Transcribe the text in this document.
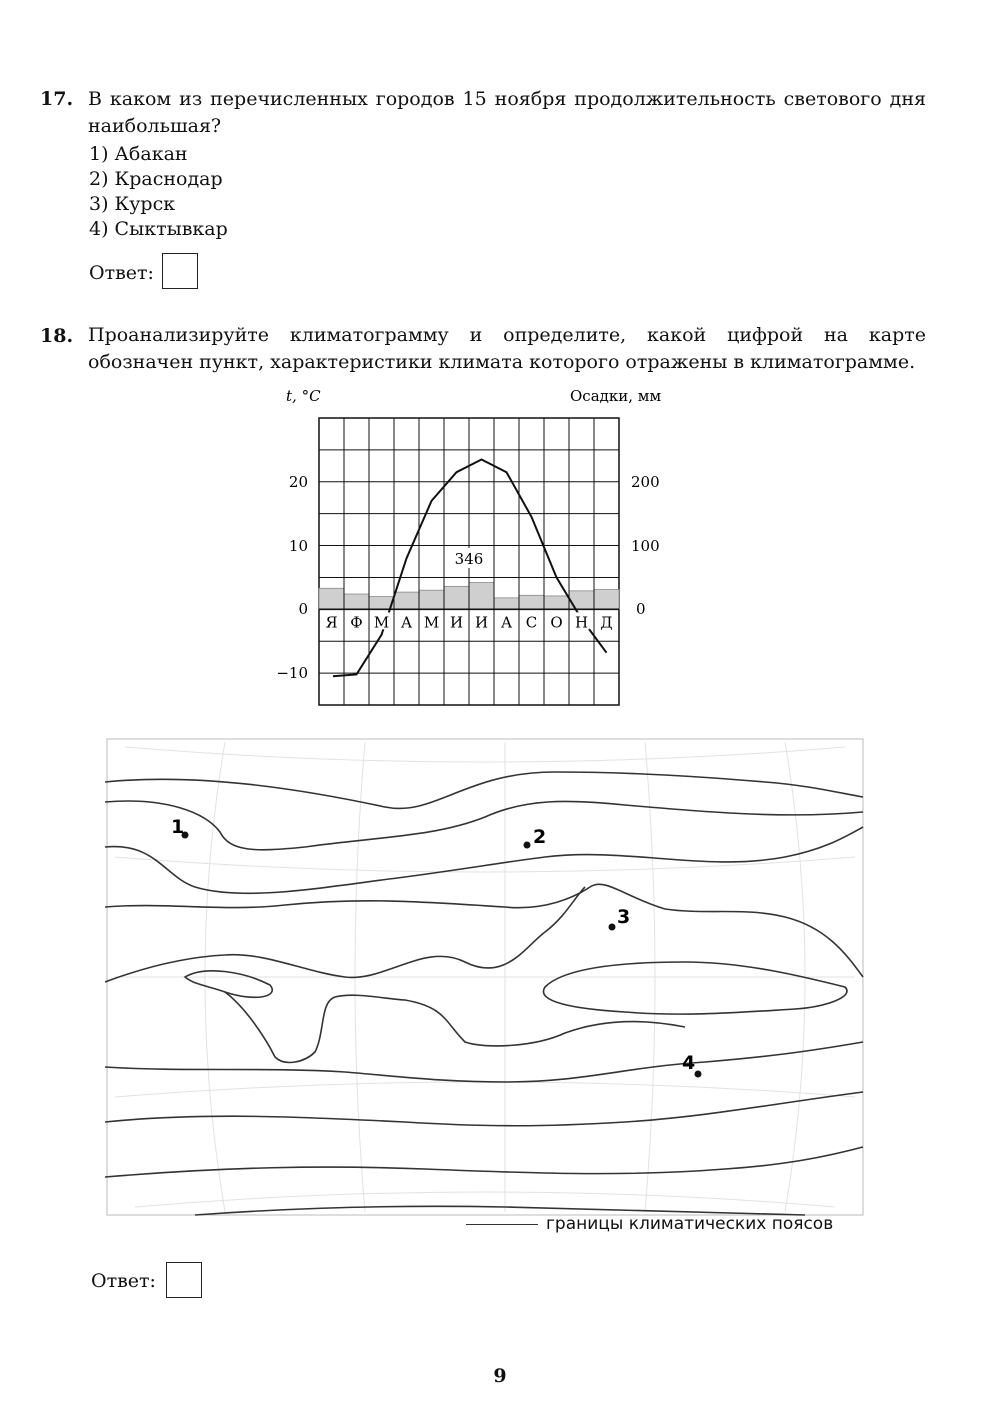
17. В каком из перечисленных городов 15 ноября продолжительность светового дня наибольшая?
1) Абакан
2) Краснодар
3) Курск
4) Сыктывкар
Ответ:
18. Проанализируйте климатограмму и определите, какой цифрой на карте обозначен пункт, характеристики климата которого отражены в климатограмме.
t, °C	Осадки, мм
Я Ф М А М И И А С О Н Д
346
20
10
0
−10
200
100
0
1	2
3
4
границы климатических поясов
Ответ:
9
